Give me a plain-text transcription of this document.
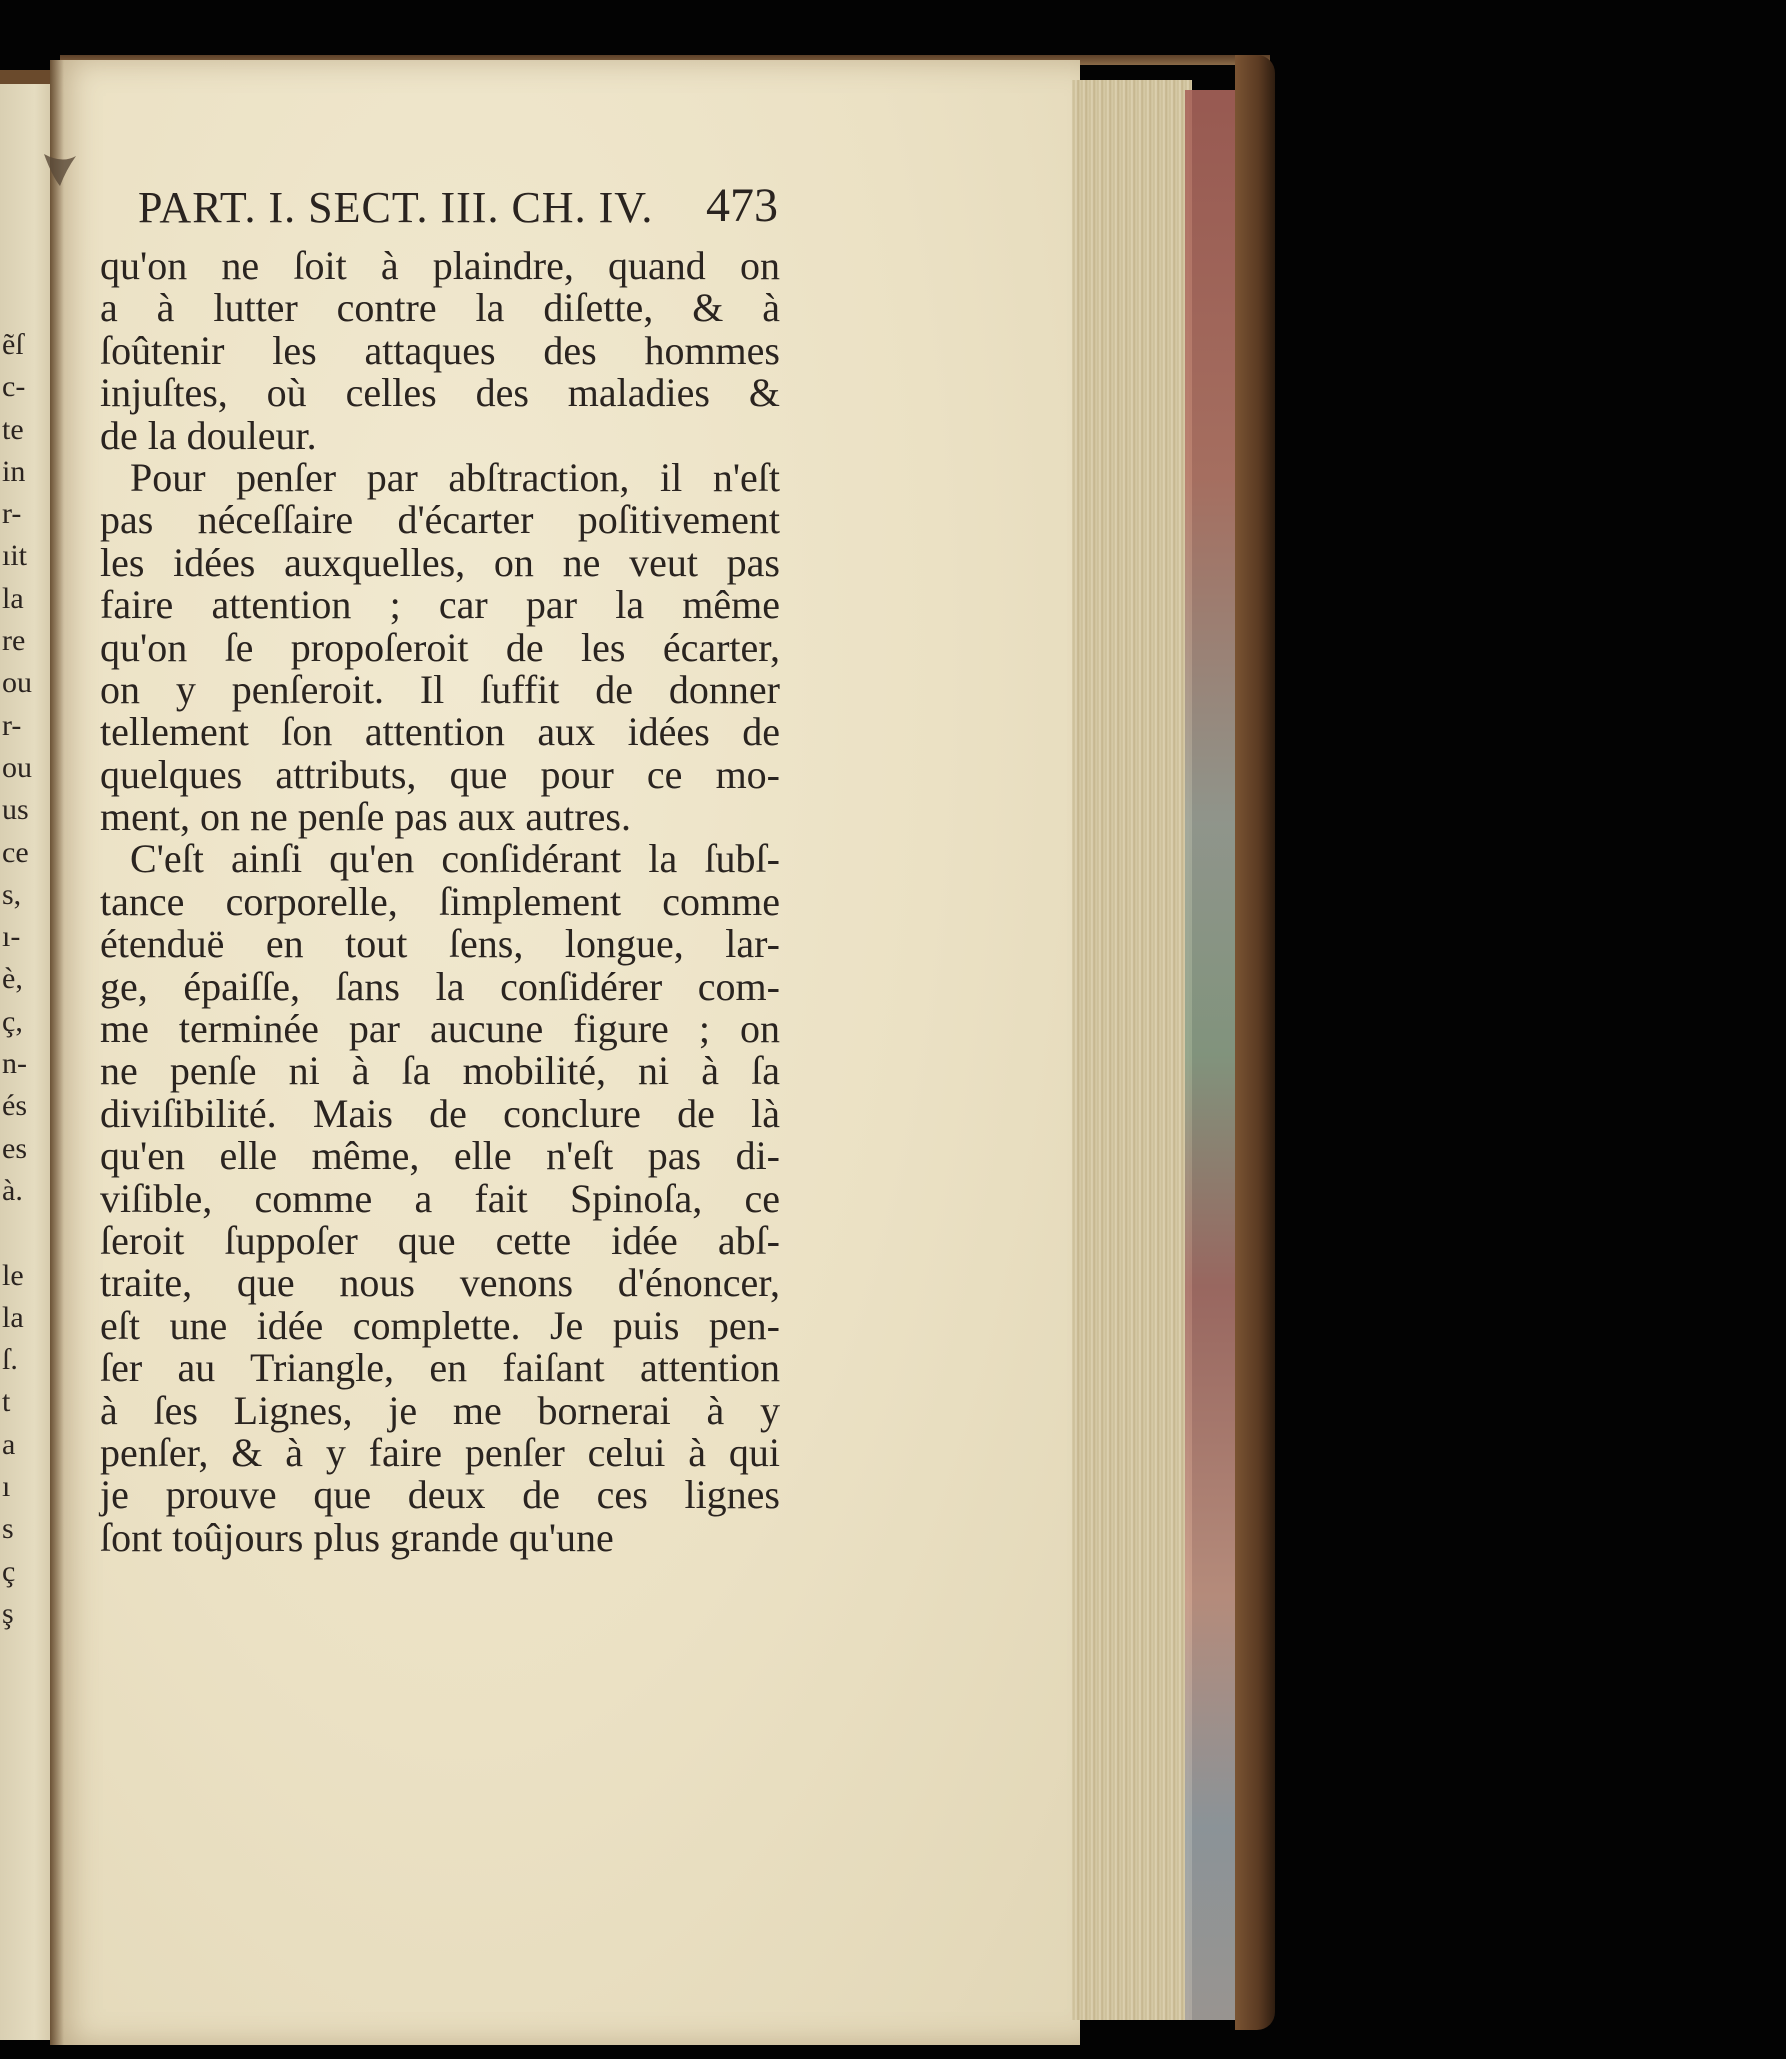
ẽſ
c-
te
in
r-
ıit
la
re
ou
r-
ou
us
ce
s,
ı-
ѐ,
ç,
n-
és
es
à.
le
la
ſ.
t
a
ı
s
ç
ş
PART. I. SECT. III. CH. IV. 473
qu'on ne ſoit à plaindre, quand on
a à lutter contre la diſette, & à
ſoûtenir les attaques des hommes
injuſtes, où celles des maladies &
de la douleur.
Pour penſer par abſtraction, il n'eſt
pas néceſſaire d'écarter poſitivement
les idées auxquelles, on ne veut pas
faire attention ; car par la même
qu'on ſe propoſeroit de les écarter,
on y penſeroit. Il ſuffit de donner
tellement ſon attention aux idées de
quelques attributs, que pour ce mo-
ment, on ne penſe pas aux autres.
C'eſt ainſi qu'en conſidérant la ſubſ-
tance corporelle, ſimplement comme
étenduë en tout ſens, longue, lar-
ge, épaiſſe, ſans la conſidérer com-
me terminée par aucune figure ; on
ne penſe ni à ſa mobilité, ni à ſa
diviſibilité. Mais de conclure de là
qu'en elle même, elle n'eſt pas di-
viſible, comme a fait Spinoſa, ce
ſeroit ſuppoſer que cette idée abſ-
traite, que nous venons d'énoncer,
eſt une idée complette. Je puis pen-
ſer au Triangle, en faiſant attention
à ſes Lignes, je me bornerai à y
penſer, & à y faire penſer celui à qui
je prouve que deux de ces lignes
ſont toûjours plus grande qu'une
